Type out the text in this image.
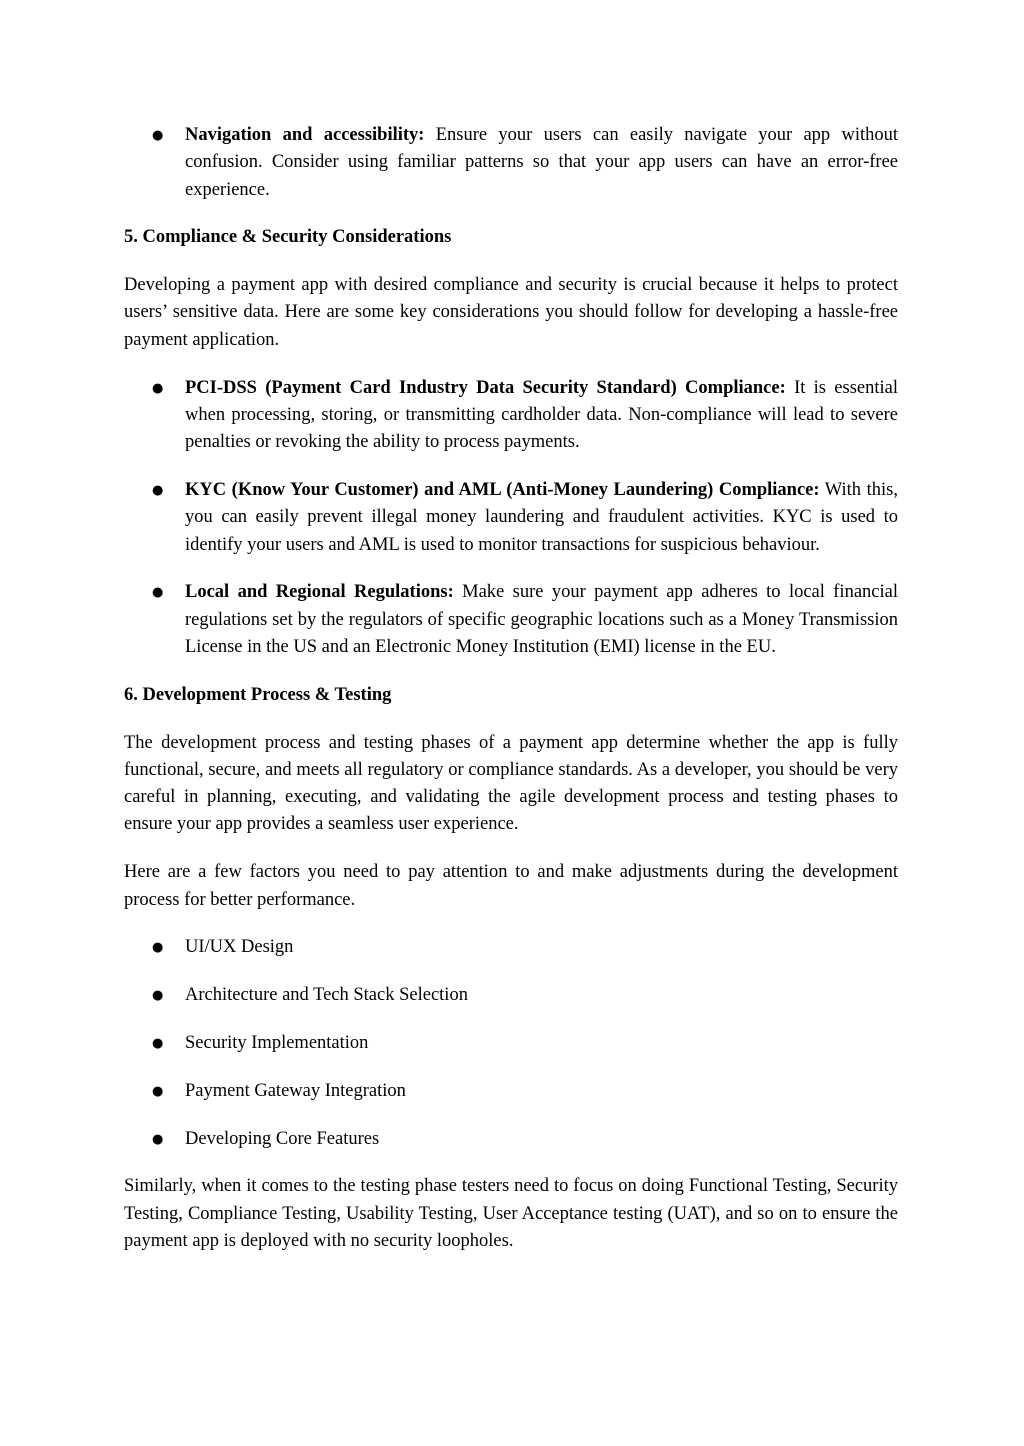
● Navigation and accessibility: Ensure your users can easily navigate your app without confusion. Consider using familiar patterns so that your app users can have an error-free experience.

5. Compliance & Security Considerations

Developing a payment app with desired compliance and security is crucial because it helps to protect users’ sensitive data. Here are some key considerations you should follow for developing a hassle-free payment application.

● PCI-DSS (Payment Card Industry Data Security Standard) Compliance: It is essential when processing, storing, or transmitting cardholder data. Non-compliance will lead to severe penalties or revoking the ability to process payments.
● KYC (Know Your Customer) and AML (Anti-Money Laundering) Compliance: With this, you can easily prevent illegal money laundering and fraudulent activities. KYC is used to identify your users and AML is used to monitor transactions for suspicious behaviour.
● Local and Regional Regulations: Make sure your payment app adheres to local financial regulations set by the regulators of specific geographic locations such as a Money Transmission License in the US and an Electronic Money Institution (EMI) license in the EU.

6. Development Process & Testing

The development process and testing phases of a payment app determine whether the app is fully functional, secure, and meets all regulatory or compliance standards. As a developer, you should be very careful in planning, executing, and validating the agile development process and testing phases to ensure your app provides a seamless user experience.

Here are a few factors you need to pay attention to and make adjustments during the development process for better performance.

● UI/UX Design
● Architecture and Tech Stack Selection
● Security Implementation
● Payment Gateway Integration
● Developing Core Features

Similarly, when it comes to the testing phase testers need to focus on doing Functional Testing, Security Testing, Compliance Testing, Usability Testing, User Acceptance testing (UAT), and so on to ensure the payment app is deployed with no security loopholes.
